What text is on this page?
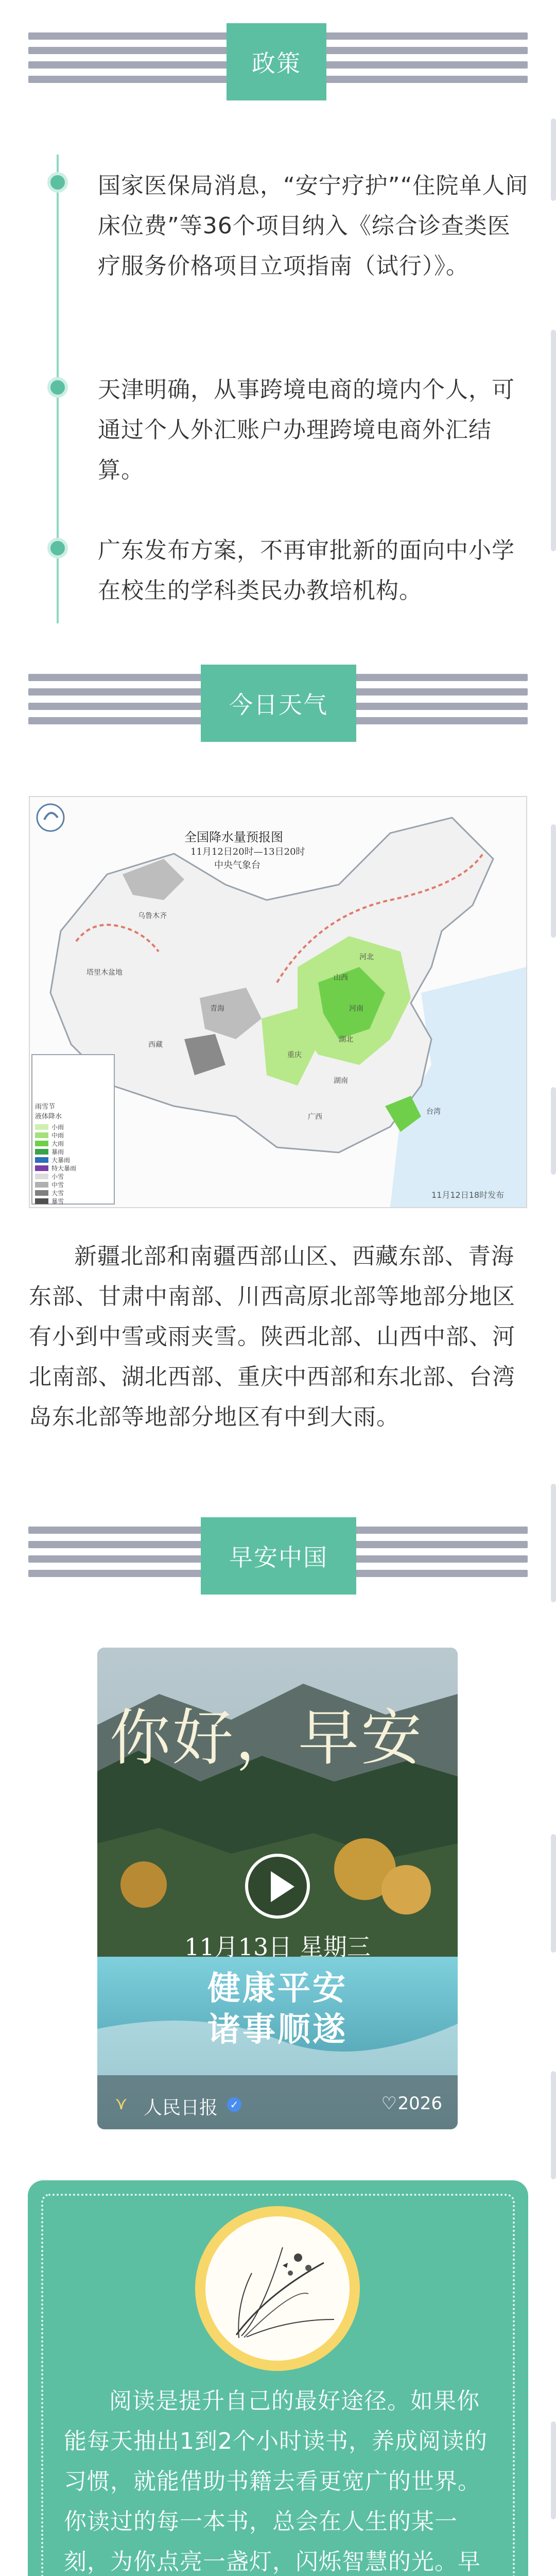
政策
国家医保局消息，“安宁疗护”“住院单人间床位费”等36个项目纳入《综合诊查类医疗服务价格项目立项指南（试行）》。
天津明确，从事跨境电商的境内个人，可通过个人外汇账户办理跨境电商外汇结算。
广东发布方案，不再审批新的面向中小学在校生的学科类民办教培机构。
今日天气
全国降水量预报图
11月12日20时—13日20时
中央气象台
11月12日18时发布
乌鲁木齐
塔里木盆地
青海
西藏
河北
山西
河南
湖北
重庆
湖南
广西
台湾
雨雪节
液体降水
小雨
中雨
大雨
暴雨
大暴雨
特大暴雨
小雪
中雪
大雪
暴雪
新疆北部和南疆西部山区、西藏东部、青海东部、甘肃中南部、川西高原北部等地部分地区有小到中雪或雨夹雪。陕西北部、山西中部、河北南部、湖北西部、重庆中西部和东北部、台湾岛东北部等地部分地区有中到大雨。
早安中国
你好，早安
11月13日 星期三
健康平安
诸事顺遂
⋎ 人民日报 ✓	♡ 2026
阅读是提升自己的最好途径。如果你能每天抽出1到2个小时读书，养成阅读的习惯，就能借助书籍去看更宽广的世界。你读过的每一本书，总会在人生的某一刻，为你点亮一盏灯，闪烁智慧的光。早
